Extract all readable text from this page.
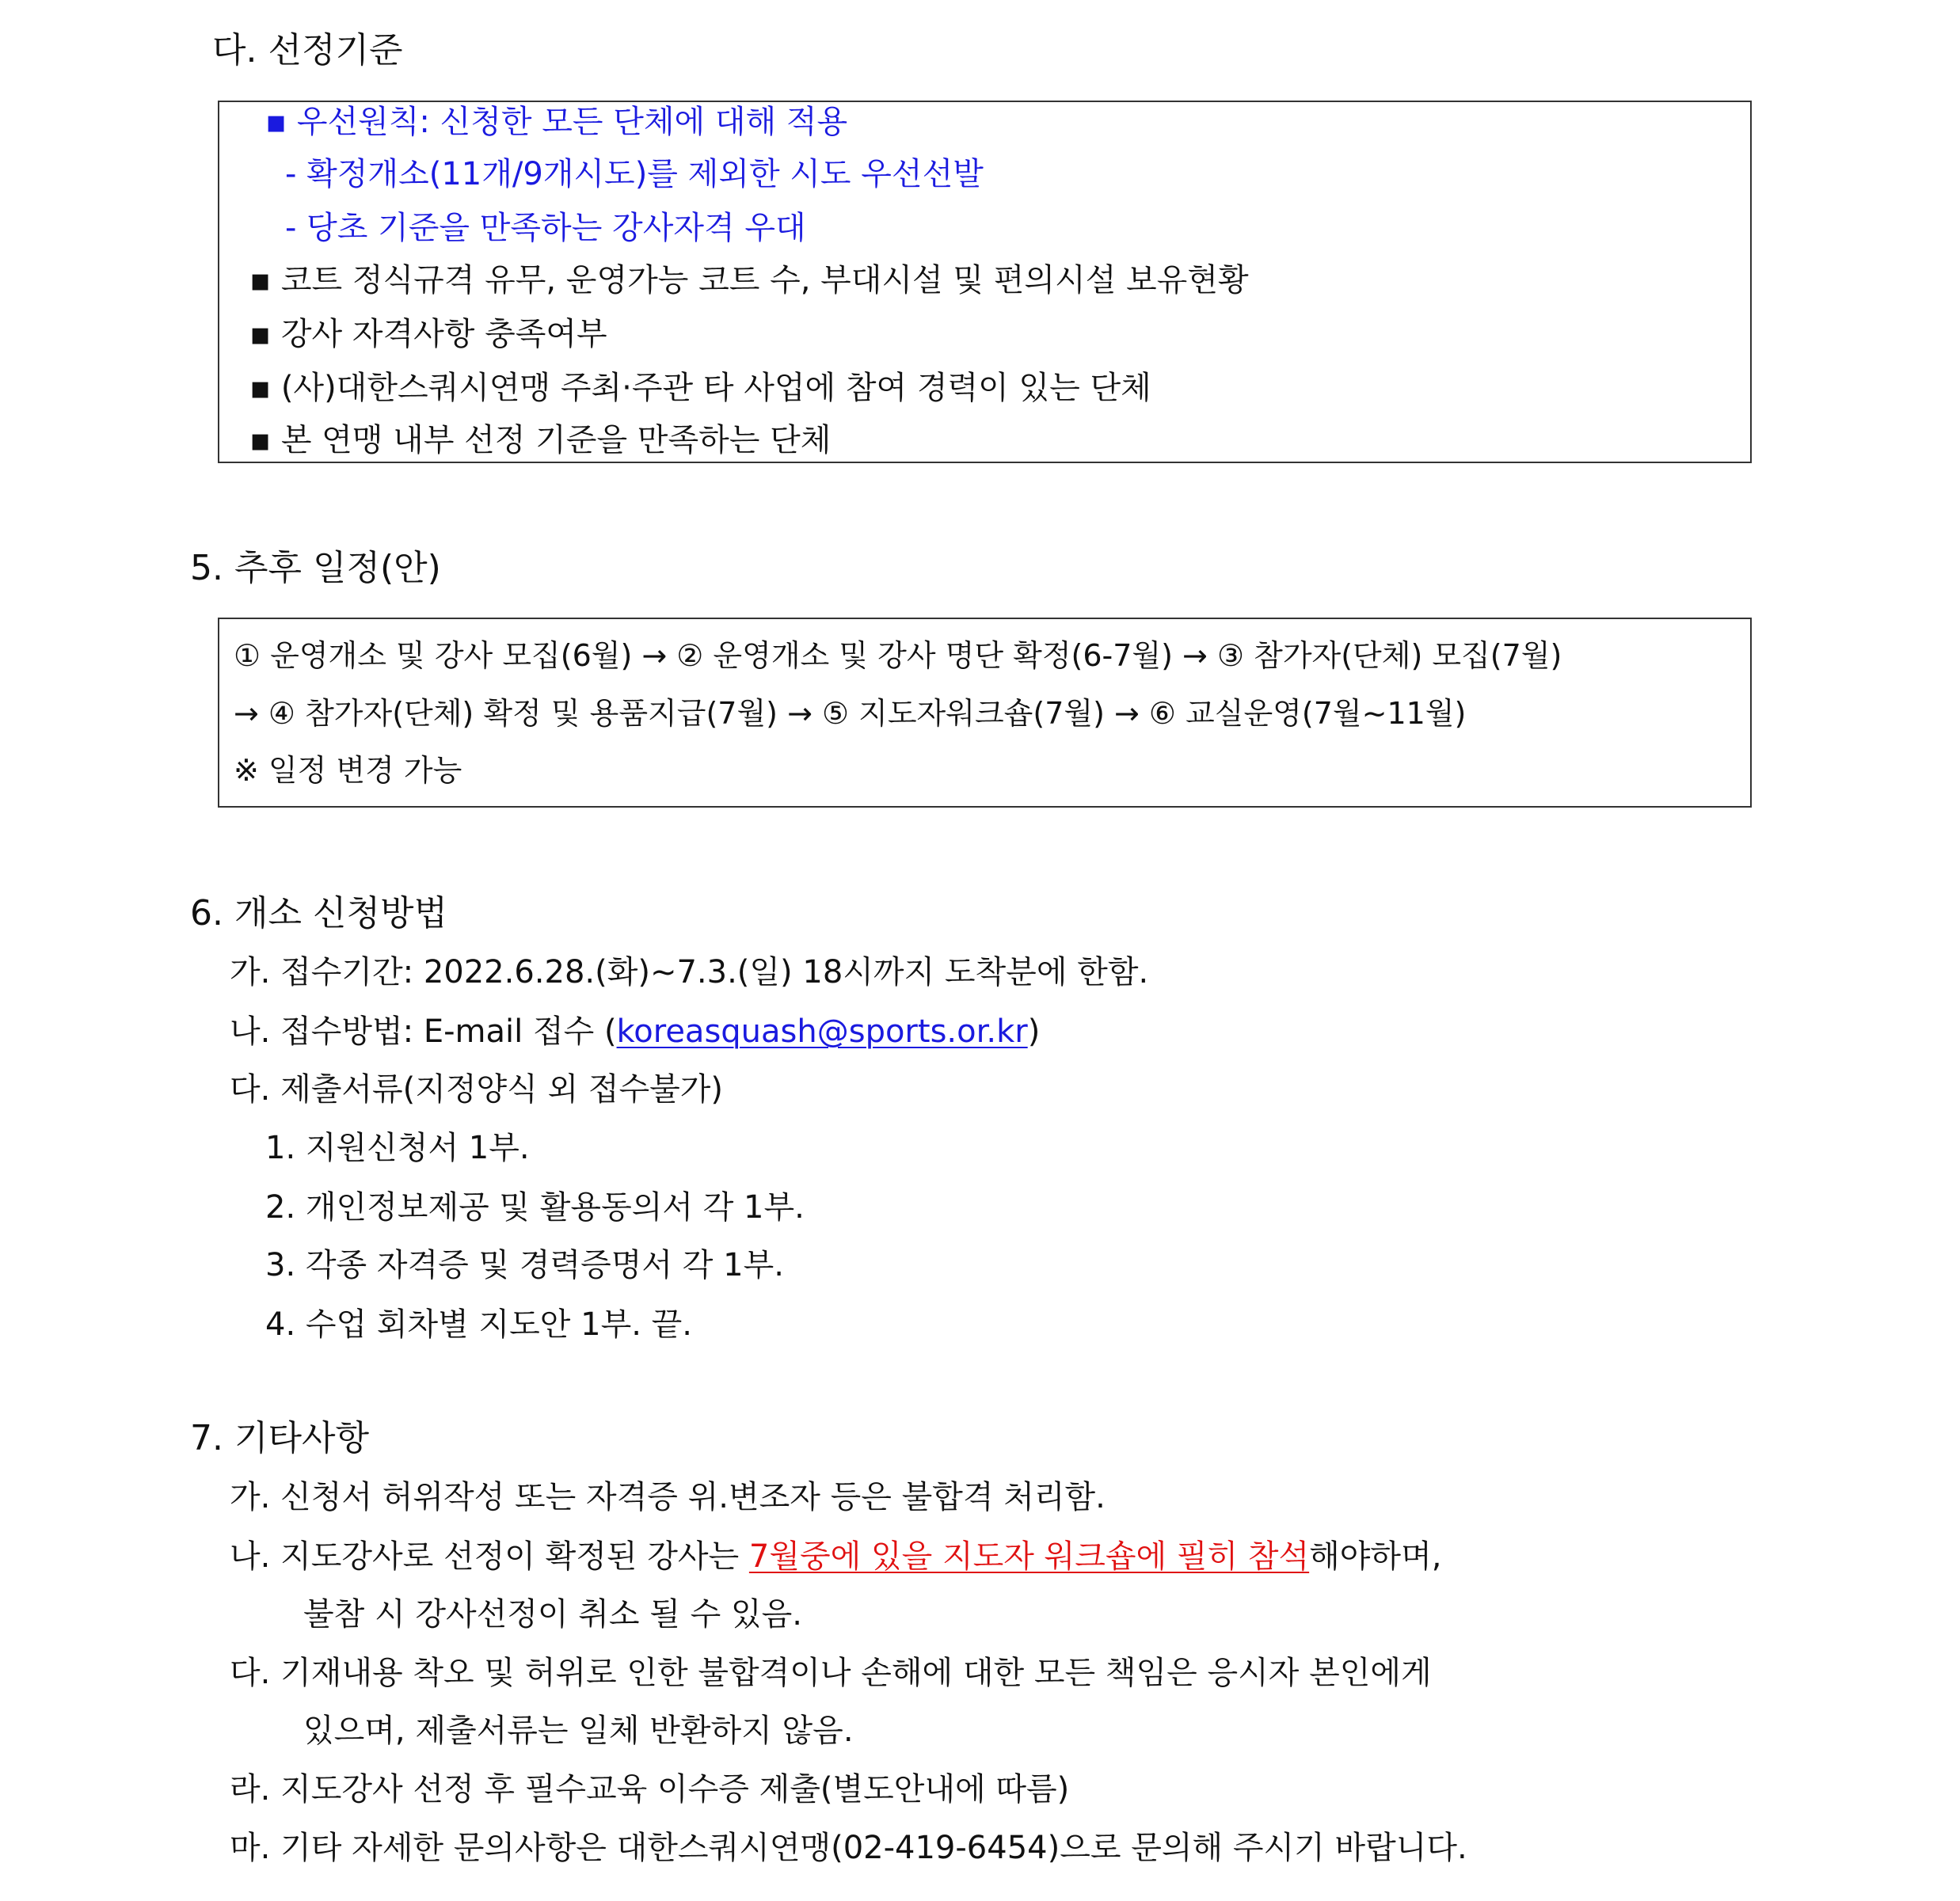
다. 선정기준
▪ 우선원칙: 신청한 모든 단체에 대해 적용
- 확정개소(11개/9개시도)를 제외한 시도 우선선발
- 당초 기준을 만족하는 강사자격 우대
▪ 코트 정식규격 유무, 운영가능 코트 수, 부대시설 및 편의시설 보유현황
▪ 강사 자격사항 충족여부
▪ (사)대한스쿼시연맹 주최·주관 타 사업에 참여 경력이 있는 단체
▪ 본 연맹 내부 선정 기준을 만족하는 단체
5. 추후 일정(안)
① 운영개소 및 강사 모집(6월) → ② 운영개소 및 강사 명단 확정(6-7월) → ③ 참가자(단체) 모집(7월)
→ ④ 참가자(단체) 확정 및 용품지급(7월) → ⑤ 지도자워크숍(7월) → ⑥ 교실운영(7월~11월)
※ 일정 변경 가능
6. 개소 신청방법
가. 접수기간: 2022.6.28.(화)~7.3.(일) 18시까지 도착분에 한함.
나. 접수방법: E-mail 접수 (koreasquash@sports.or.kr)
다. 제출서류(지정양식 외 접수불가)
1. 지원신청서 1부.
2. 개인정보제공 및 활용동의서 각 1부.
3. 각종 자격증 및 경력증명서 각 1부.
4. 수업 회차별 지도안 1부. 끝.
7. 기타사항
가. 신청서 허위작성 또는 자격증 위.변조자 등은 불합격 처리함.
나. 지도강사로 선정이 확정된 강사는 7월중에 있을 지도자 워크숍에 필히 참석해야하며,
불참 시 강사선정이 취소 될 수 있음.
다. 기재내용 착오 및 허위로 인한 불합격이나 손해에 대한 모든 책임은 응시자 본인에게
있으며, 제출서류는 일체 반환하지 않음.
라. 지도강사 선정 후 필수교육 이수증 제출(별도안내에 따름)
마. 기타 자세한 문의사항은 대한스쿼시연맹(02-419-6454)으로 문의해 주시기 바랍니다.
